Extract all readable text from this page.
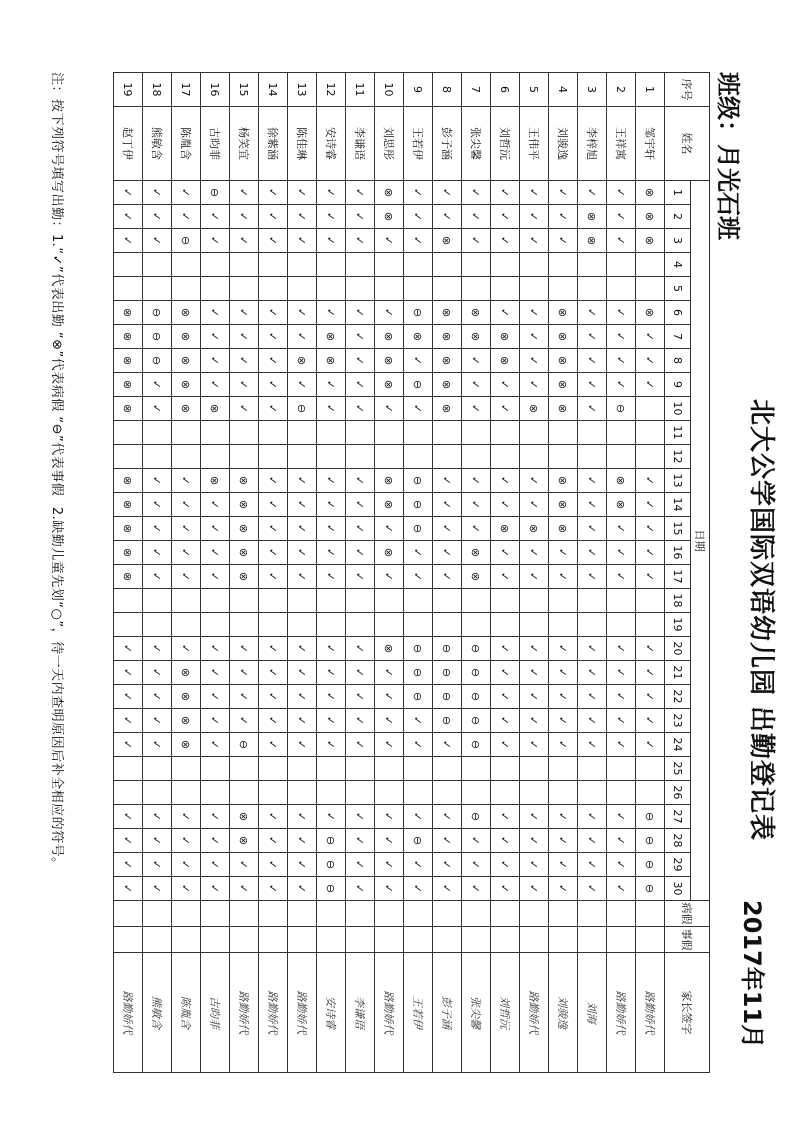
北大公学国际双语幼儿园 出勤登记表
班级：月光石班
2017年11月
序号	姓名	日期																														病假	事假	家长签字
		1	2	3	4	5	6	7	8	9	10	11	12	13	14	15	16	17	18	19	20	21	22	23	24	25	26	27	28	29	30			
1	邹宇轩	⊗	⊗	⊗			⊗	✓	✓	✓				✓	✓	✓	✓	✓			✓	✓	✓	✓	✓			⊖	⊖	⊖	⊖			路勤娇代
2	王祥寓	✓	✓	✓			✓	✓	✓	✓	⊖			⊗	⊗	✓	✓	✓			✓	✓	✓	✓	✓			✓	✓	✓	✓			路勤娇代
3	李梓旭	✓	⊗	⊗			✓	✓	✓	✓	✓			✓	✓	✓	✓	✓			✓	✓	✓	✓	✓			✓	✓	✓	✓			刘海
4	刘骏逸	✓	✓	✓			⊗	⊗	⊗	⊗	⊗			⊗	⊗	⊗	✓	✓			✓	✓	✓	✓	✓			✓	✓	✓	✓			刘骏逸
5	王伟平	✓	✓	✓			✓	✓	✓	✓	⊗			✓	✓	⊗	✓	✓			✓	✓	✓	✓	✓			✓	✓	✓	✓			路勤娇代
6	刘哲沅	✓	✓	✓			✓	⊗	⊗	✓	✓			✓	✓	⊗	✓	✓			✓	✓	✓	✓	✓			✓	✓	✓	✓			刘哲沅
7	张尖馨	✓	✓	✓			⊗	⊗	✓	✓	✓			✓	✓	✓	⊗	⊗			⊖	⊖	⊖	⊖	⊖			⊖	✓	✓	✓			张尖馨
8	彭子涵	✓	✓	⊗			⊗	⊗	⊗	⊗	⊗			✓	✓	✓	✓	✓			⊖	⊖	⊖	⊖	✓			✓	✓	✓	✓			彭子涵
9	王若伊	✓	✓	✓			⊖	⊗	✓	⊖	✓			⊖	⊖	⊖	✓	✓			⊖	⊖	⊖	✓	✓			✓	⊖	✓	✓			王若伊
10	刘思彤	⊗	⊗	✓			✓	⊗	⊗	⊗	✓			⊗	⊗	✓	⊗	✓			⊗	✓	✓	✓	✓			✓	✓	✓	✓			路勤娇代
11	李谦语	✓	✓	✓			✓	✓	✓	✓	✓			✓	✓	✓	✓	✓			✓	✓	✓	✓	✓			✓	✓	✓	✓			李谦语
12	安诗睿	✓	✓	✓			✓	⊗	⊗	✓	✓			✓	✓	✓	✓	✓			✓	✓	✓	✓	✓			✓	⊖	⊖	⊖			安诗睿
13	陈佳琳	✓	✓	✓			✓	✓	⊗	✓	⊖			✓	✓	✓	✓	✓			✓	✓	✓	✓	✓			✓	✓	✓	✓			路勤娇代
14	徐紫涵	✓	✓	✓			✓	✓	✓	✓	✓			✓	✓	✓	✓	✓			✓	✓	✓	✓	✓			✓	✓	✓	✓			路勤娇代
15	杨笑宜	✓	✓	✓			✓	✓	✓	✓	✓			⊗	⊗	⊗	⊗	⊗			✓	✓	✓	✓	⊖			⊗	⊗	✓	✓			路勤娇代
16	古昀菲	⊖	✓	✓			✓	✓	✓	✓	⊗			⊗	✓	✓	✓	✓			✓	✓	✓	✓	✓			✓	✓	✓	✓			古昀菲
17	陈胤含	✓	✓	⊖			⊗	⊗	⊗	⊗	⊗			✓	✓	✓	✓	✓			✓	⊗	⊗	⊗	⊗			✓	✓	✓	✓			陈胤含
18	熊敏含	✓	✓	✓			⊖	⊖	⊖	✓	✓			✓	✓	✓	✓	✓			✓	✓	✓	✓	✓			✓	✓	✓	✓			熊敏含
19	赵丁伊	✓	✓	✓			⊗	⊗	⊗	⊗	⊗			⊗	⊗	⊗	⊗	⊗			✓	✓	✓	✓	✓			✓	✓	✓	✓			路勤娇代
注：按下列符号填写出勤：1.“✓”代表出勤 “⊗”代表病假 “⊖”代表事假 2.缺勤儿童先划“○”，待一天内查明原因后补全相应的符号。
